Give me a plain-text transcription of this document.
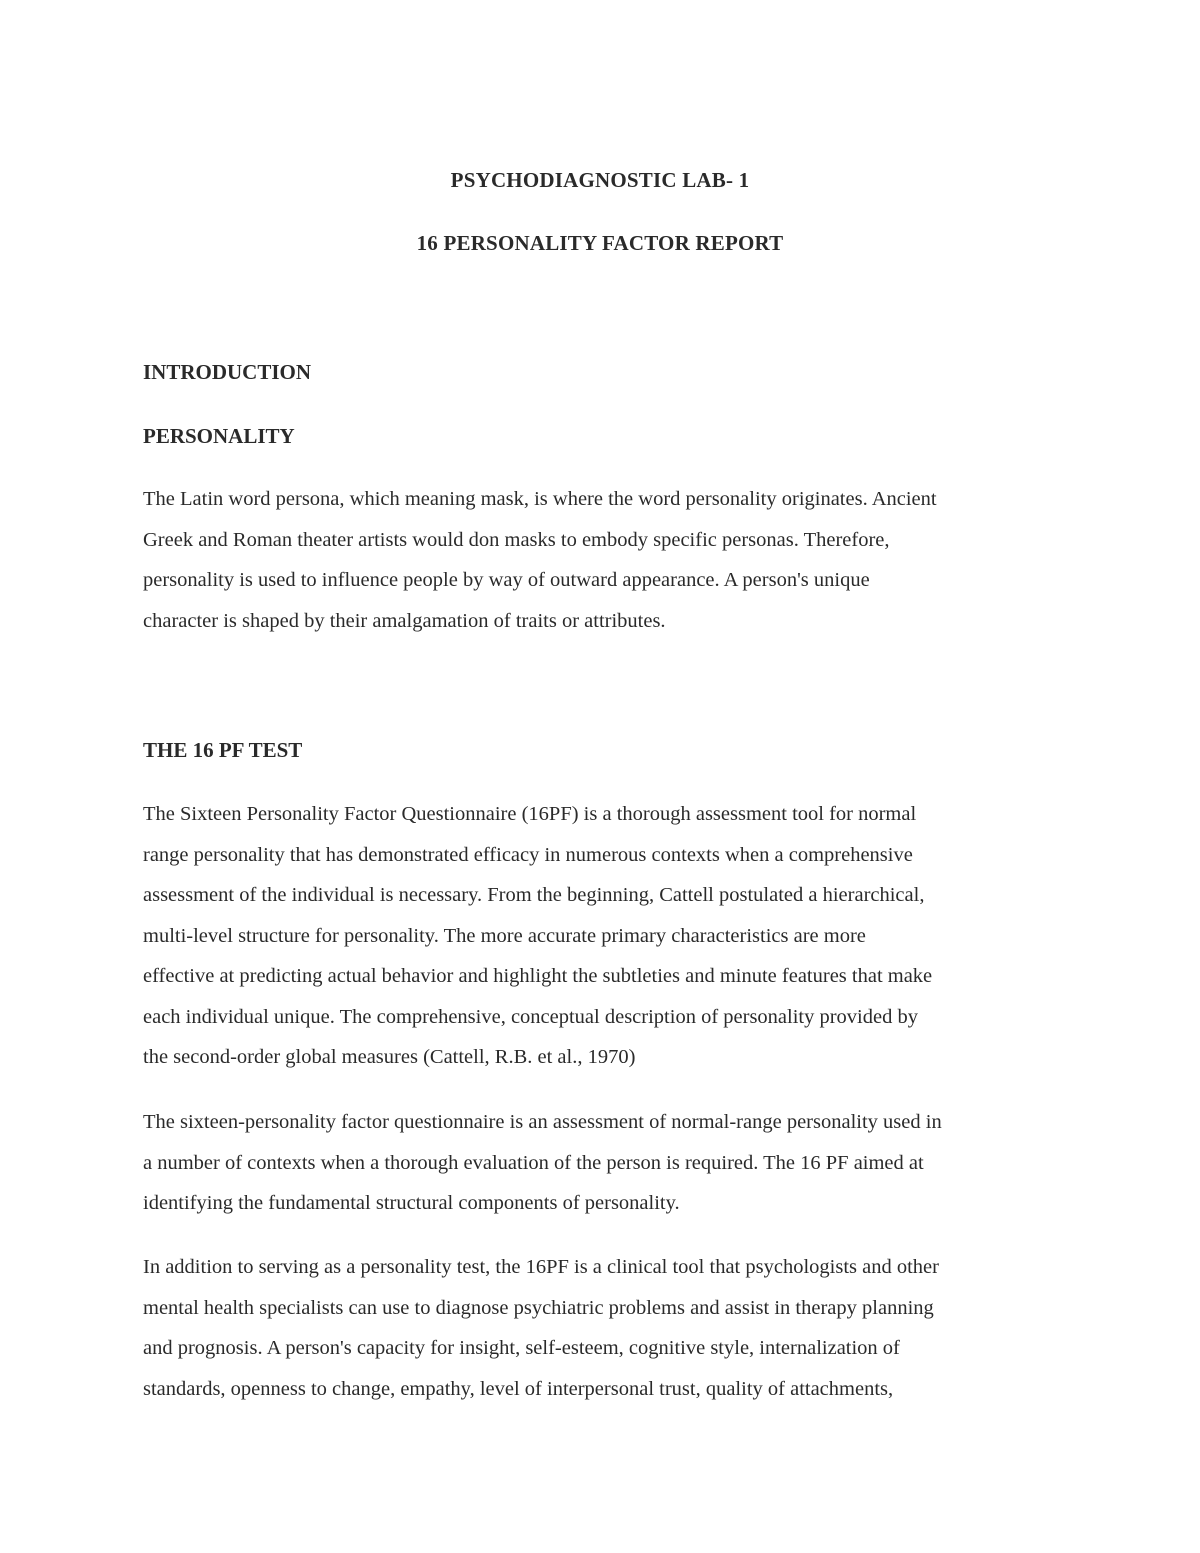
PSYCHODIAGNOSTIC LAB- 1
16 PERSONALITY FACTOR REPORT
INTRODUCTION
PERSONALITY
The Latin word persona, which meaning mask, is where the word personality originates. Ancient
Greek and Roman theater artists would don masks to embody specific personas. Therefore,
personality is used to influence people by way of outward appearance. A person's unique
character is shaped by their amalgamation of traits or attributes.
THE 16 PF TEST
The Sixteen Personality Factor Questionnaire (16PF) is a thorough assessment tool for normal
range personality that has demonstrated efficacy in numerous contexts when a comprehensive
assessment of the individual is necessary. From the beginning, Cattell postulated a hierarchical,
multi-level structure for personality. The more accurate primary characteristics are more
effective at predicting actual behavior and highlight the subtleties and minute features that make
each individual unique. The comprehensive, conceptual description of personality provided by
the second-order global measures (Cattell, R.B. et al., 1970)
The sixteen-personality factor questionnaire is an assessment of normal-range personality used in
a number of contexts when a thorough evaluation of the person is required. The 16 PF aimed at
identifying the fundamental structural components of personality.
In addition to serving as a personality test, the 16PF is a clinical tool that psychologists and other
mental health specialists can use to diagnose psychiatric problems and assist in therapy planning
and prognosis. A person's capacity for insight, self-esteem, cognitive style, internalization of
standards, openness to change, empathy, level of interpersonal trust, quality of attachments,
